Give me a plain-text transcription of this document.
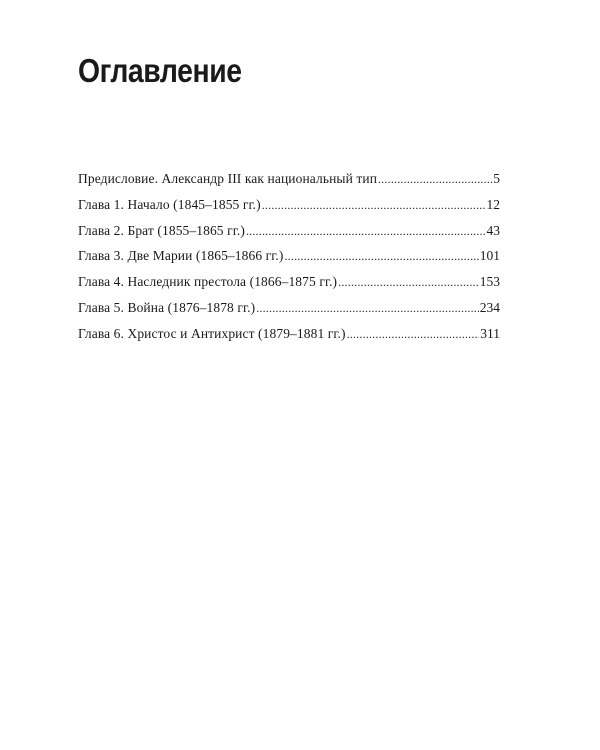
Оглавление
Предисловие. Александр III как национальный тип .....	5
Глава 1. Начало (1845–1855 гг.) .....	12
Глава 2. Брат (1855–1865 гг.) .....	43
Глава 3. Две Марии (1865–1866 гг.) .....	101
Глава 4. Наследник престола (1866–1875 гг.) .....	153
Глава 5. Война (1876–1878 гг.) .....	234
Глава 6. Христос и Антихрист (1879–1881 гг.) .....	311
